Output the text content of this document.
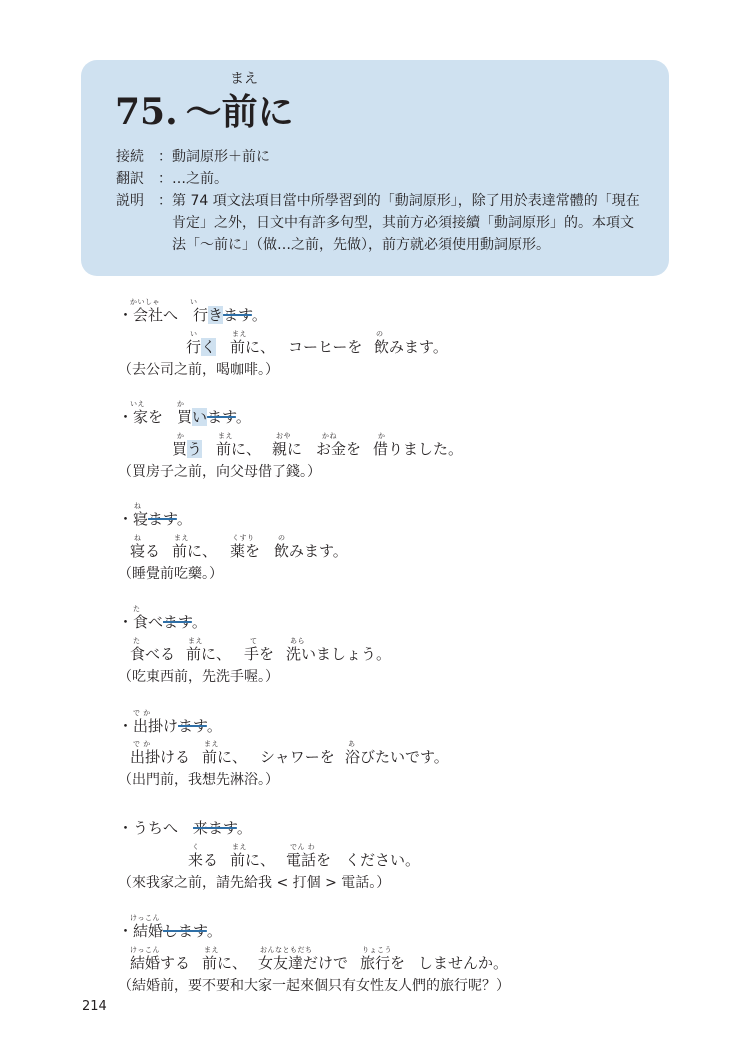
まえ
75. ～前に
接続 ：動詞原形＋前に
翻訳 ：…之前。
説明 ： 第 74 項文法項目當中所學習到的「動詞原形」，除了用於表達常體的「現在
肯定」之外，日文中有許多句型，其前方必須接續「動詞原形」的。本項文
法「～前に」（做…之前，先做），前方就必須使用動詞原形。
かいしゃ	い
・会社へ 行きます。
い	まえ	の
行く 前に、 コーヒーを 飲みます。
（去公司之前，喝咖啡。）
いえ	か
・家を 買います。
か	まえ	おや	かね	か
買う 前に、 親に お金を 借りました。
（買房子之前，向父母借了錢。）
ね
・寝ます。
ね	まえ	くすり	の
寝る 前に、 薬を 飲みます。
（睡覺前吃藥。）
た
・食べます。
た	まえ	て	あら
食べる 前に、 手を 洗いましょう。
（吃東西前，先洗手喔。）
で か
・出掛けます。
で か	まえ	あ
出掛ける 前に、 シャワーを 浴びたいです。
（出門前，我想先淋浴。）
・うちへ 来ます。
く	まえ	でん わ
来る 前に、 電話を ください。
（來我家之前，請先給我 < 打個 > 電話。）
けっこん
・結婚します。
けっこん	まえ	おんなともだち	りょこう
結婚する 前に、 女友達だけで 旅行を しませんか。
（結婚前，要不要和大家一起來個只有女性友人們的旅行呢？）
214
